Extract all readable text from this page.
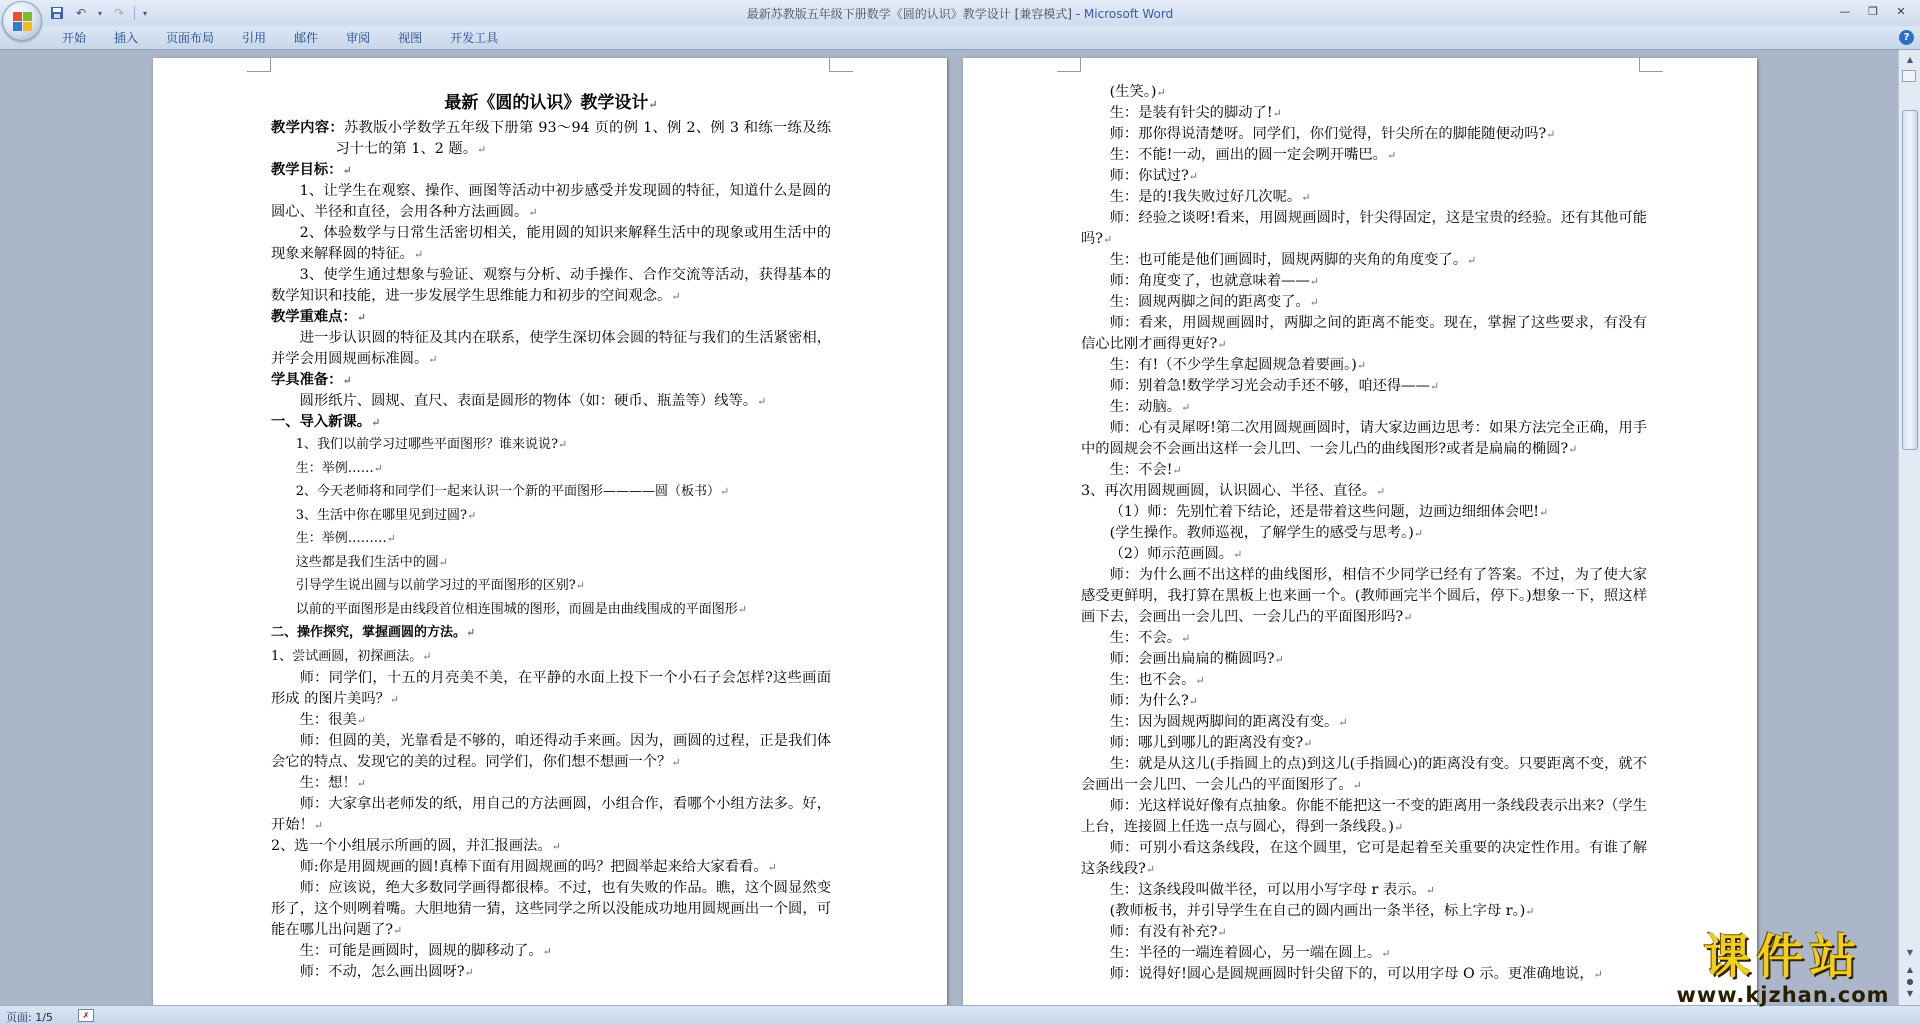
↶	▾ ↷	▾	最新苏教版五年级下册数学《圆的认识》教学设计 [兼容模式] - Microsoft Word	—	❐	✕
开始	插入	页面布局	引用	邮件	审阅	视图	开发工具	?

最新《圆的认识》教学设计 ↵

教学内容：苏教版小学数学五年级下册第 93～94 页的例 1、例 2、例 3 和练一练及练习十七的第 1、2 题。 ↵

教学目标： ↵

1、让学生在观察、操作、画图等活动中初步感受并发现圆的特征，知道什么是圆的圆心、半径和直径，会用各种方法画圆。 ↵

2、体验数学与日常生活密切相关，能用圆的知识来解释生活中的现象或用生活中的现象来解释圆的特征。 ↵

3、使学生通过想象与验证、观察与分析、动手操作、合作交流等活动，获得基本的数学知识和技能，进一步发展学生思维能力和初步的空间观念。 ↵

教学重难点： ↵

进一步认识圆的特征及其内在联系，使学生深切体会圆的特征与我们的生活紧密相，并学会用圆规画标准圆。 ↵

学具准备： ↵

圆形纸片、圆规、直尺、表面是圆形的物体（如：硬币、瓶盖等）线等。 ↵

一、导入新课。 ↵

1、我们以前学习过哪些平面图形？谁来说说? ↵

生：举例…… ↵

2、今天老师将和同学们一起来认识一个新的平面图形————圆（板书） ↵

3、生活中你在哪里见到过圆? ↵

生：举例……… ↵

这些都是我们生活中的圆 ↵

引导学生说出圆与以前学习过的平面图形的区别? ↵

以前的平面图形是由线段首位相连围城的图形，而圆是由曲线围成的平面图形 ↵

二、操作探究，掌握画圆的方法。 ↵

1、尝试画圆，初探画法。 ↵

师：同学们，十五的月亮美不美，在平静的水面上投下一个小石子会怎样?这些画面形成 的图片美吗？ ↵

生：很美 ↵

师：但圆的美，光靠看是不够的，咱还得动手来画。因为，画圆的过程，正是我们体会它的特点、发现它的美的过程。同学们，你们想不想画一个？ ↵

生：想！ ↵

师：大家拿出老师发的纸，用自己的方法画圆，小组合作，看哪个小组方法多。好，开始！ ↵

2、选一个小组展示所画的圆，并汇报画法。 ↵

师:你是用圆规画的圆!真棒下面有用圆规画的吗？把圆举起来给大家看看。 ↵

师：应该说，绝大多数同学画得都很棒。不过，也有失败的作品。瞧，这个圆显然变形了，这个则咧着嘴。大胆地猜一猜，这些同学之所以没能成功地用圆规画出一个圆，可能在哪儿出问题了? ↵

生：可能是画圆时，圆规的脚移动了。 ↵

师：不动，怎么画出圆呀? ↵

(生笑。) ↵

生：是装有针尖的脚动了! ↵

师：那你得说清楚呀。同学们，你们觉得，针尖所在的脚能随便动吗? ↵

生：不能!一动，画出的圆一定会咧开嘴巴。 ↵

师：你试过? ↵

生：是的!我失败过好几次呢。 ↵

师：经验之谈呀!看来，用圆规画圆时，针尖得固定，这是宝贵的经验。还有其他可能吗? ↵

生：也可能是他们画圆时，圆规两脚的夹角的角度变了。 ↵

师：角度变了，也就意味着—— ↵

生：圆规两脚之间的距离变了。 ↵

师：看来，用圆规画圆时，两脚之间的距离不能变。现在，掌握了这些要求，有没有信心比刚才画得更好? ↵

生：有!（不少学生拿起圆规急着要画。) ↵

师：别着急!数学学习光会动手还不够，咱还得—— ↵

生：动脑。 ↵

师：心有灵犀呀!第二次用圆规画圆时，请大家边画边思考：如果方法完全正确，用手中的圆规会不会画出这样一会儿凹、一会儿凸的曲线图形?或者是扁扁的椭圆? ↵

生：不会! ↵

3、再次用圆规画圆，认识圆心、半径、直径。 ↵

（1）师：先别忙着下结论，还是带着这些问题，边画边细细体会吧! ↵

(学生操作。教师巡视，了解学生的感受与思考。) ↵

（2）师示范画圆。 ↵

师：为什么画不出这样的曲线图形，相信不少同学已经有了答案。不过，为了使大家感受更鲜明，我打算在黑板上也来画一个。(教师画完半个圆后，停下。)想象一下，照这样画下去，会画出一会儿凹、一会儿凸的平面图形吗? ↵

生：不会。 ↵

师：会画出扁扁的椭圆吗? ↵

生：也不会。 ↵

师：为什么? ↵

生：因为圆规两脚间的距离没有变。 ↵

师：哪儿到哪儿的距离没有变? ↵

生：就是从这儿(手指圆上的点)到这儿(手指圆心)的距离没有变。只要距离不变，就不会画出一会儿凹、一会儿凸的平面图形了。 ↵

师：光这样说好像有点抽象。你能不能把这一不变的距离用一条线段表示出来?（学生上台，连接圆上任选一点与圆心，得到一条线段。) ↵

师：可别小看这条线段，在这个圆里，它可是起着至关重要的决定性作用。有谁了解这条线段? ↵

生：这条线段叫做半径，可以用小写字母 r 表示。 ↵

(教师板书，并引导学生在自己的圆内画出一条半径，标上字母 r。) ↵

师：有没有补充? ↵

生：半径的一端连着圆心，另一端在圆上。 ↵

师：说得好!圆心是圆规画圆时针尖留下的，可以用字母 O 示。更准确地说， ↵

▲
▼
▲
●
▼
课件站
www.kjzhan.com
页面: 1/5	✗
